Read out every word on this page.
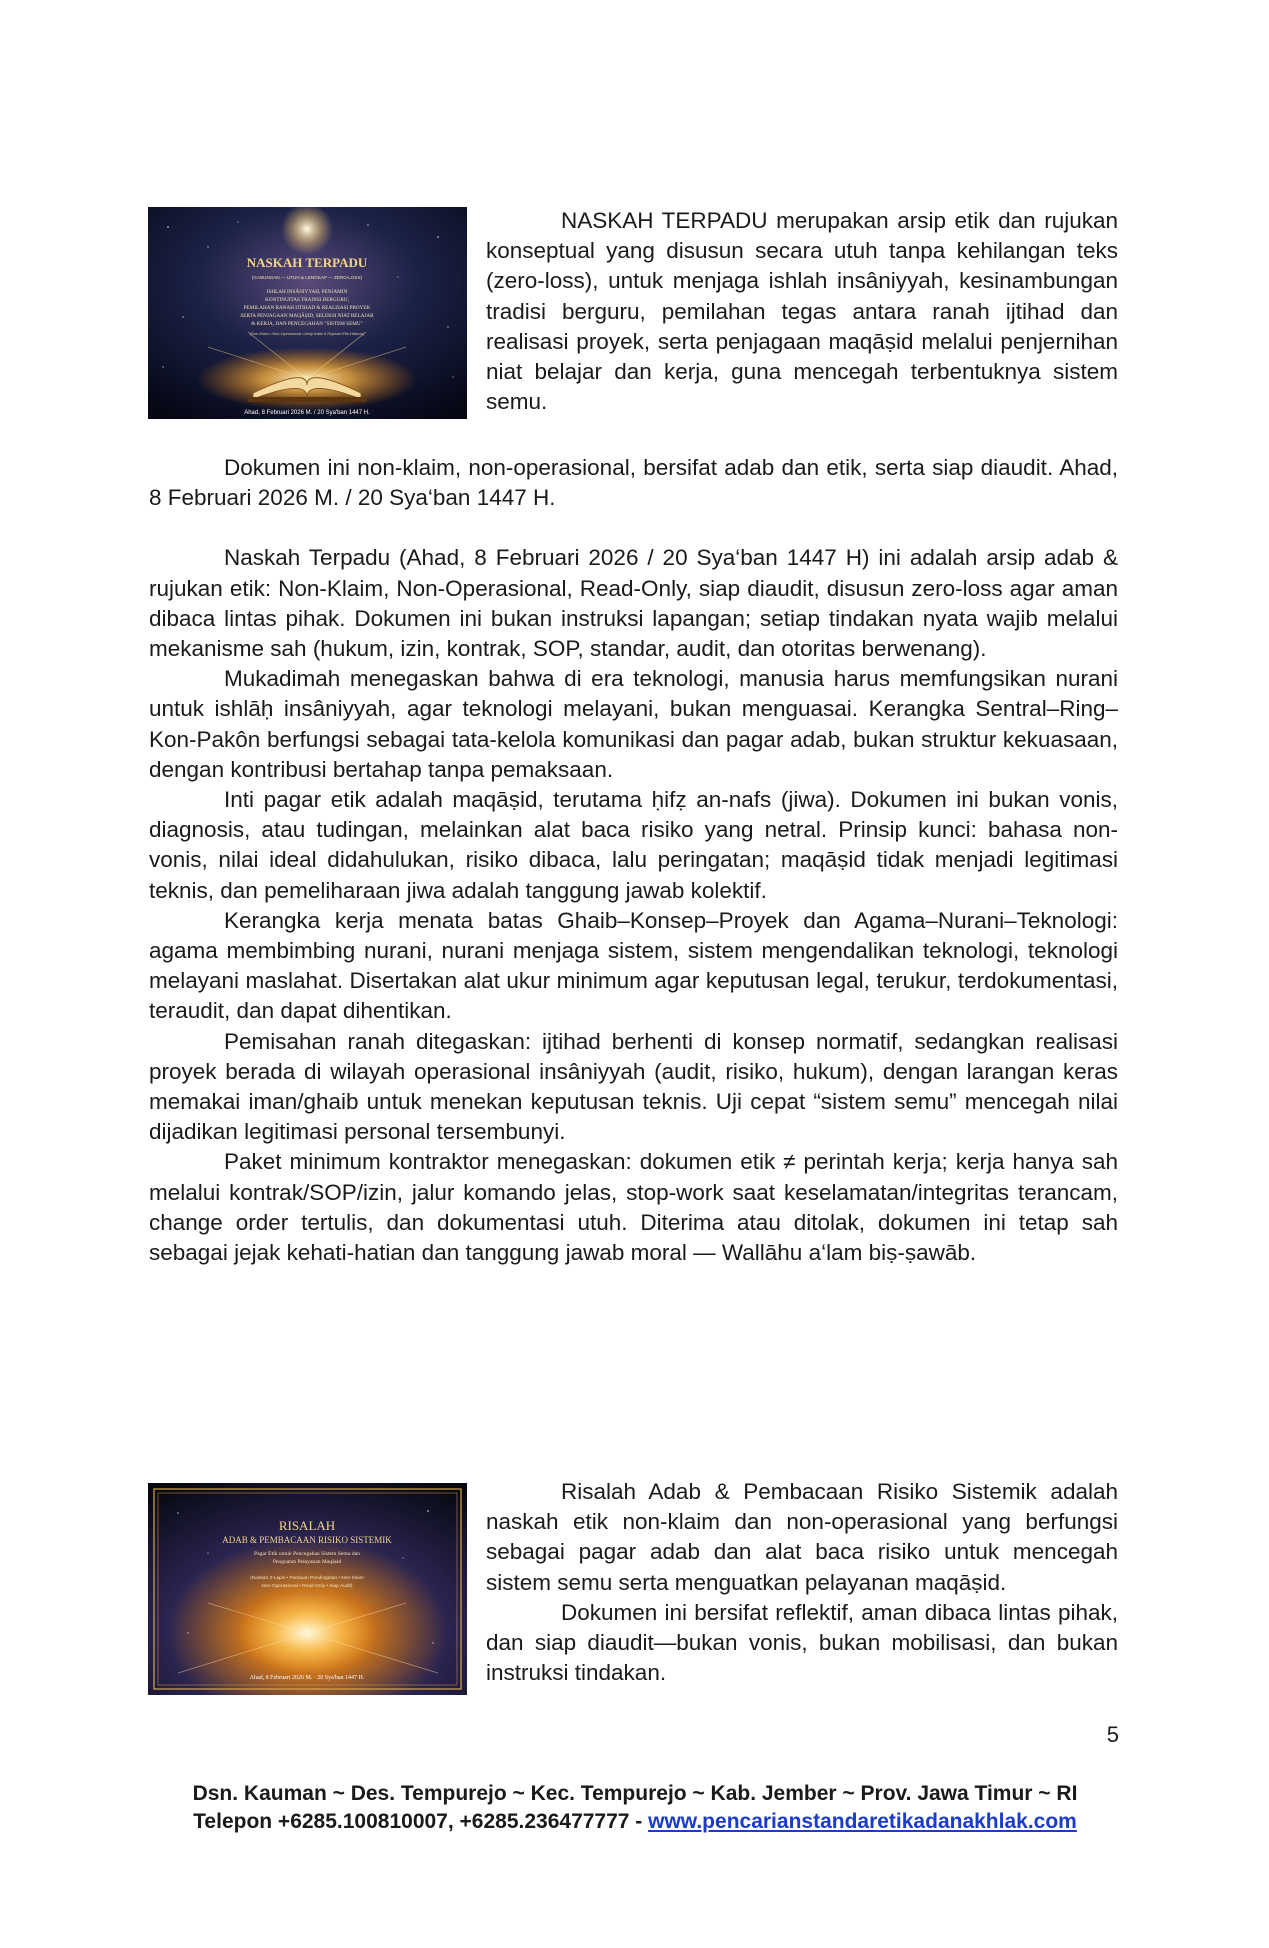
NASKAH TERPADU
(GABUNGAN — UTUH & LENGKAP — ZERO-LOSS)
ISHLAH INSÂNIYYAH, PENJAMIN
KONTINUITAS TRADISI BERGURU,
PEMILAHAN RANAH IJTIHAD & REALISASI PROYEK
SERTA PENJAGAAN MAQÂṢID, SELEKSI NIAT BELAJAR
& KERJA, DAN PENCEGAHAN "SISTEM SEMU"
(Non-Klaim • Non-Operasional • Arsip Adab & Rujukan Etik-Historis)
Ahad, 8 Februari 2026 M. / 20 Sya'ban 1447 H.

NASKAH TERPADU merupakan arsip etik dan rujukan konseptual yang disusun secara utuh tanpa kehilangan teks (zero-loss), untuk menjaga ishlah insâniyyah, kesinambungan tradisi berguru, pemilahan tegas antara ranah ijtihad dan realisasi proyek, serta penjagaan maqāṣid melalui penjernihan niat belajar dan kerja, guna mencegah terbentuknya sistem semu.

Dokumen ini non-klaim, non-operasional, bersifat adab dan etik, serta siap diaudit. Ahad, 8 Februari 2026 M. / 20 Sya‘ban 1447 H.

Naskah Terpadu (Ahad, 8 Februari 2026 / 20 Sya‘ban 1447 H) ini adalah arsip adab & rujukan etik: Non-Klaim, Non-Operasional, Read-Only, siap diaudit, disusun zero-loss agar aman dibaca lintas pihak. Dokumen ini bukan instruksi lapangan; setiap tindakan nyata wajib melalui mekanisme sah (hukum, izin, kontrak, SOP, standar, audit, dan otoritas berwenang).

Mukadimah menegaskan bahwa di era teknologi, manusia harus memfungsikan nurani untuk ishlāḥ insâniyyah, agar teknologi melayani, bukan menguasai. Kerangka Sentral–Ring–Kon-Pakôn berfungsi sebagai tata-kelola komunikasi dan pagar adab, bukan struktur kekuasaan, dengan kontribusi bertahap tanpa pemaksaan.

Inti pagar etik adalah maqāṣid, terutama ḥifẓ an-nafs (jiwa). Dokumen ini bukan vonis, diagnosis, atau tudingan, melainkan alat baca risiko yang netral. Prinsip kunci: bahasa non-vonis, nilai ideal didahulukan, risiko dibaca, lalu peringatan; maqāṣid tidak menjadi legitimasi teknis, dan pemeliharaan jiwa adalah tanggung jawab kolektif.

Kerangka kerja menata batas Ghaib–Konsep–Proyek dan Agama–Nurani–Teknologi: agama membimbing nurani, nurani menjaga sistem, sistem mengendalikan teknologi, teknologi melayani maslahat. Disertakan alat ukur minimum agar keputusan legal, terukur, terdokumentasi, teraudit, dan dapat dihentikan.

Pemisahan ranah ditegaskan: ijtihad berhenti di konsep normatif, sedangkan realisasi proyek berada di wilayah operasional insâniyyah (audit, risiko, hukum), dengan larangan keras memakai iman/ghaib untuk menekan keputusan teknis. Uji cepat “sistem semu” mencegah nilai dijadikan legitimasi personal tersembunyi.

Paket minimum kontraktor menegaskan: dokumen etik ≠ perintah kerja; kerja hanya sah melalui kontrak/SOP/izin, jalur komando jelas, stop-work saat keselamatan/integritas terancam, change order tertulis, dan dokumentasi utuh. Diterima atau ditolak, dokumen ini tetap sah sebagai jejak kehati-hatian dan tanggung jawab moral — Wallāhu a‘lam biṣ-ṣawāb.

RISALAH
ADAB & PEMBACAAN RISIKO SISTEMIK
Pagar Etik untuk Pencegahan Sistem Semu dan
Penguatan Pelayanan Maqāṣid
(Naskah 3-Lapis • Panduan Pendingatan • Non-Klaim
Non-Operasional • Read-Only • Siap Audit)
Ahad, 8 Februari 2026 M. · 20 Sya'ban 1447 H.

Risalah Adab & Pembacaan Risiko Sistemik adalah naskah etik non-klaim dan non-operasional yang berfungsi sebagai pagar adab dan alat baca risiko untuk mencegah sistem semu serta menguatkan pelayanan maqāṣid.

Dokumen ini bersifat reflektif, aman dibaca lintas pihak, dan siap diaudit—bukan vonis, bukan mobilisasi, dan bukan instruksi tindakan.

5
Dsn. Kauman ~ Des. Tempurejo ~ Kec. Tempurejo ~ Kab. Jember ~ Prov. Jawa Timur ~ RI
Telepon +6285.100810007, +6285.236477777 - www.pencarianstandaretikadanakhlak.com
